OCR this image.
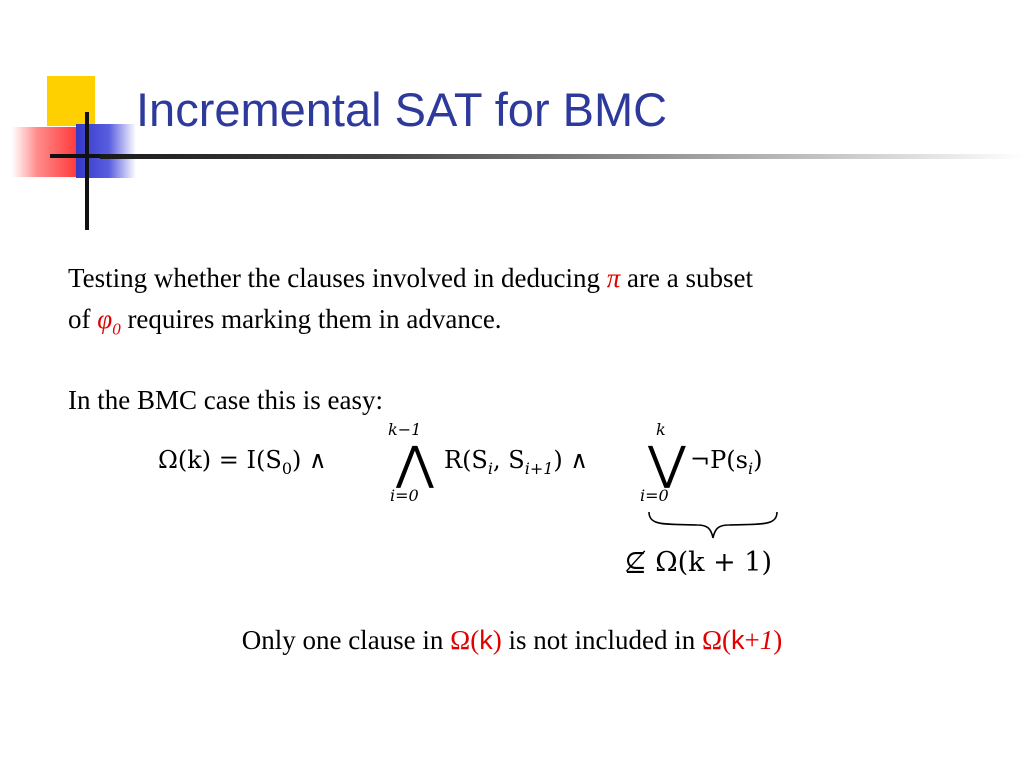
Incremental SAT for BMC

Testing whether the clauses involved in deducing π are a subset
of $\varphi_0$ requires marking them in advance.

In the BMC case this is easy:

$\Omega(k) = I(S_0)$ ∧
k−1
⋀
i=0
$R(S_i$, $S_{i+1}$) ∧
k
⋁
i=0
$\neg P(s_i)$
⊈ Ω(k + 1)

Only one clause in Ω(k) is not included in Ω(k+1)
